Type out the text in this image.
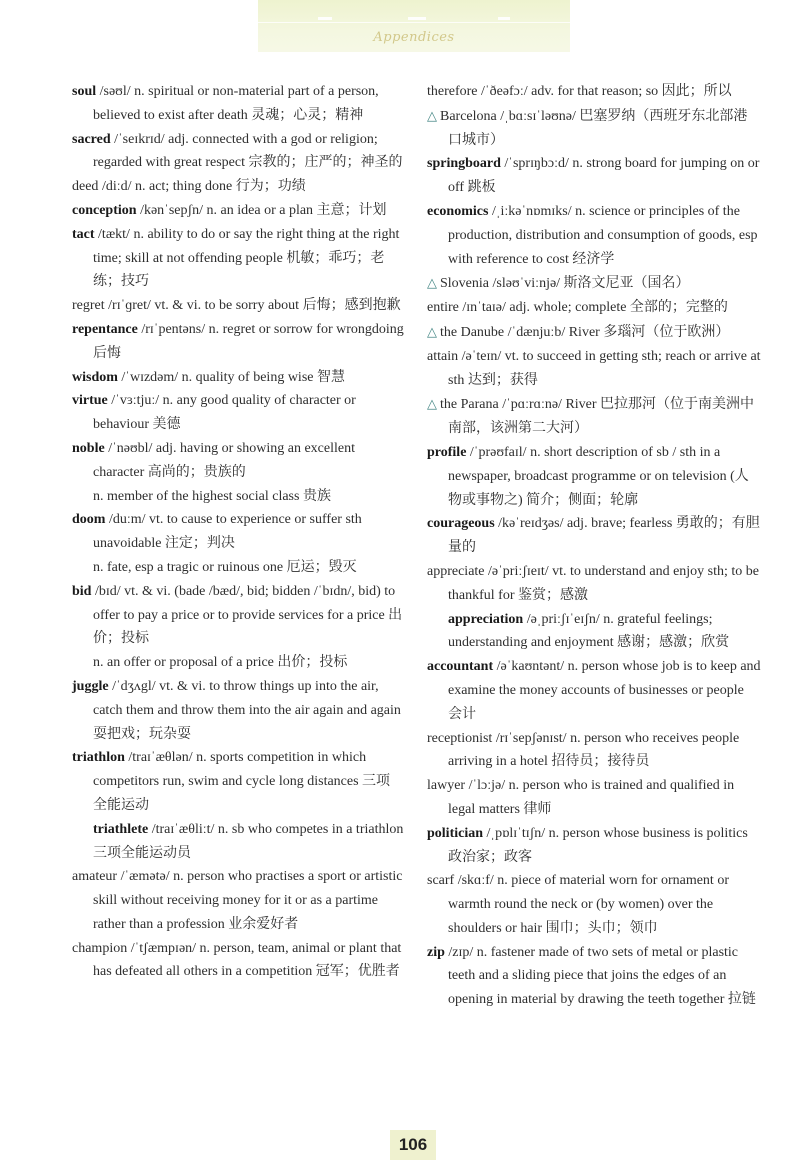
Appendices

soul /səʊl/ n. spiritual or non-material part of a person, believed to exist after death 灵魂；心灵；精神

sacred /ˈseɪkrɪd/ adj. connected with a god or religion; regarded with great respect 宗教的；庄严的；神圣的

deed /diːd/ n. act; thing done 行为；功绩

conception /kənˈsepʃn/ n. an idea or a plan 主意；计划

tact /tækt/ n. ability to do or say the right thing at the right time; skill at not offending people 机敏；乖巧；老练；技巧

regret /rɪˈɡret/ vt. & vi. to be sorry about 后悔；感到抱歉

repentance /rɪˈpentəns/ n. regret or sorrow for wrongdoing 后悔

wisdom /ˈwɪzdəm/ n. quality of being wise 智慧

virtue /ˈvɜːtjuː/ n. any good quality of character or behaviour 美德

noble /ˈnəʊbl/ adj. having or showing an excellent character 高尚的；贵族的
n. member of the highest social class 贵族

doom /duːm/ vt. to cause to experience or suffer sth unavoidable 注定；判决
n. fate, esp a tragic or ruinous one 厄运；毁灭

bid /bɪd/ vt. & vi. (bade /bæd/, bid; bidden /ˈbɪdn/, bid) to offer to pay a price or to provide services for a price 出价；投标
n. an offer or proposal of a price 出价；投标

juggle /ˈdʒʌgl/ vt. & vi. to throw things up into the air, catch them and throw them into the air again and again 耍把戏；玩杂耍

triathlon /traɪˈæθlən/ n. sports competition in which competitors run, swim and cycle long distances 三项全能运动
triathlete /traɪˈæθliːt/ n. sb who competes in a triathlon 三项全能运动员

amateur /ˈæmətə/ n. person who practises a sport or artistic skill without receiving money for it or as a partime rather than a profession 业余爱好者

champion /ˈtʃæmpɪən/ n. person, team, animal or plant that has defeated all others in a competition 冠军；优胜者

therefore /ˈðeəfɔː/ adv. for that reason; so 因此；所以

△ Barcelona /ˌbɑːsɪˈləʊnə/ 巴塞罗纳（西班牙东北部港口城市）

springboard /ˈsprɪŋbɔːd/ n. strong board for jumping on or off 跳板

economics /ˌiːkəˈnɒmɪks/ n. science or principles of the production, distribution and consumption of goods, esp with reference to cost 经济学

△ Slovenia /sləʊˈviːnjə/ 斯洛文尼亚（国名）

entire /ɪnˈtaɪə/ adj. whole; complete 全部的；完整的

△ the Danube /ˈdænjuːb/ River 多瑙河（位于欧洲）

attain /əˈteɪn/ vt. to succeed in getting sth; reach or arrive at sth 达到；获得

△ the Parana /ˈpɑːrɑːnə/ River 巴拉那河（位于南美洲中南部，该洲第二大河）

profile /ˈprəʊfaɪl/ n. short description of sb / sth in a newspaper, broadcast programme or on television (人物或事物之) 简介；侧面；轮廓

courageous /kəˈreɪdʒəs/ adj. brave; fearless 勇敢的；有胆量的

appreciate /əˈpriːʃɪeɪt/ vt. to understand and enjoy sth; to be thankful for 鉴赏；感激
appreciation /əˌpriːʃɪˈeɪʃn/ n. grateful feelings; understanding and enjoyment 感谢；感激；欣赏

accountant /əˈkaʊntənt/ n. person whose job is to keep and examine the money accounts of businesses or people 会计

receptionist /rɪˈsepʃənɪst/ n. person who receives people arriving in a hotel 招待员；接待员

lawyer /ˈlɔːjə/ n. person who is trained and qualified in legal matters 律师

politician /ˌpɒlɪˈtɪʃn/ n. person whose business is politics 政治家；政客

scarf /skɑːf/ n. piece of material worn for ornament or warmth round the neck or (by women) over the shoulders or hair 围巾；头巾；领巾

zip /zɪp/ n. fastener made of two sets of metal or plastic teeth and a sliding piece that joins the edges of an opening in material by drawing the teeth together 拉链

106
